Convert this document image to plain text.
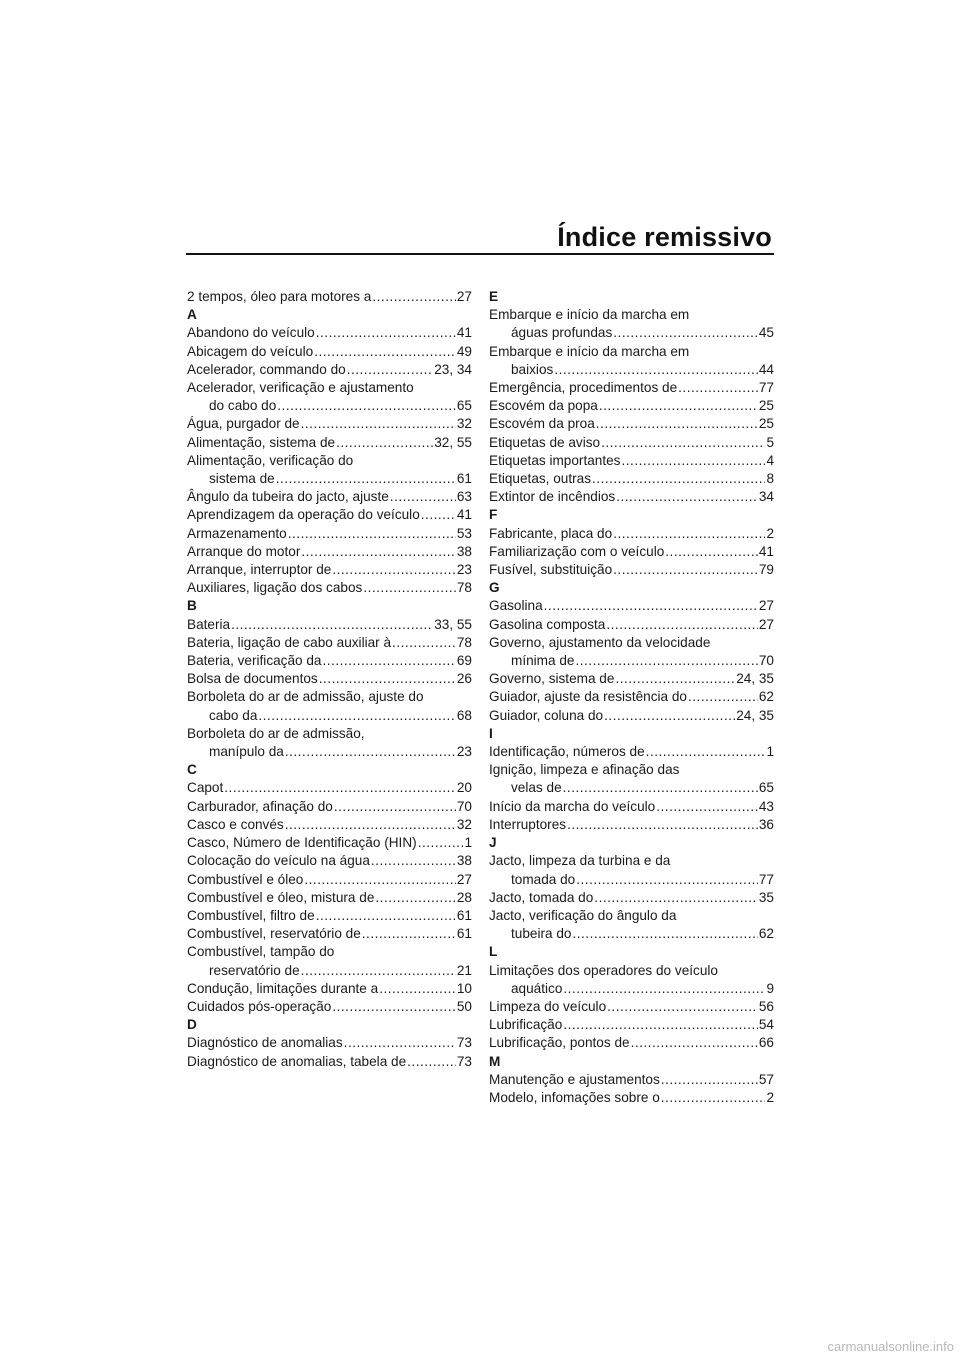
Índice remissivo
2 tempos, óleo para motores a .....	27
A
Abandono do veículo .....	41
Abicagem do veículo .....	49
Acelerador, commando do .....	23, 34
Acelerador, verificação e ajustamento
do cabo do .....	65
Água, purgador de .....	32
Alimentação, sistema de .....	32, 55
Alimentação, verificação do
sistema de .....	61
Ângulo da tubeira do jacto, ajuste .....	63
Aprendizagem da operação do veículo .....	41
Armazenamento .....	53
Arranque do motor .....	38
Arranque, interruptor de .....	23
Auxiliares, ligação dos cabos .....	78
B
Bateria .....	33, 55
Bateria, ligação de cabo auxiliar à .....	78
Bateria, verificação da .....	69
Bolsa de documentos .....	26
Borboleta do ar de admissão, ajuste do
cabo da .....	68
Borboleta do ar de admissão,
manípulo da .....	23
C
Capot .....	20
Carburador, afinação do .....	70
Casco e convés .....	32
Casco, Número de Identificação (HIN) .....	1
Colocação do veículo na água .....	38
Combustível e óleo .....	27
Combustível e óleo, mistura de .....	28
Combustível, filtro de .....	61
Combustível, reservatório de .....	61
Combustível, tampão do
reservatório de .....	21
Condução, limitações durante a .....	10
Cuidados pós-operação .....	50
D
Diagnóstico de anomalias .....	73
Diagnóstico de anomalias, tabela de .....	73
E
Embarque e início da marcha em
águas profundas .....	45
Embarque e início da marcha em
baixios .....	44
Emergência, procedimentos de .....	77
Escovém da popa .....	25
Escovém da proa .....	25
Etiquetas de aviso .....	5
Etiquetas importantes .....	4
Etiquetas, outras .....	8
Extintor de incêndios .....	34
F
Fabricante, placa do .....	2
Familiarização com o veículo .....	41
Fusível, substituição .....	79
G
Gasolina .....	27
Gasolina composta .....	27
Governo, ajustamento da velocidade
mínima de .....	70
Governo, sistema de .....	24, 35
Guiador, ajuste da resistência do .....	62
Guiador, coluna do .....	24, 35
I
Identificação, números de .....	1
Ignição, limpeza e afinação das
velas de .....	65
Início da marcha do veículo .....	43
Interruptores .....	36
J
Jacto, limpeza da turbina e da
tomada do .....	77
Jacto, tomada do .....	35
Jacto, verificação do ângulo da
tubeira do .....	62
L
Limitações dos operadores do veículo
aquático .....	9
Limpeza do veículo .....	56
Lubrificação .....	54
Lubrificação, pontos de .....	66
M
Manutenção e ajustamentos .....	57
Modelo, infomações sobre o .....	2
carmanualsonline.info
